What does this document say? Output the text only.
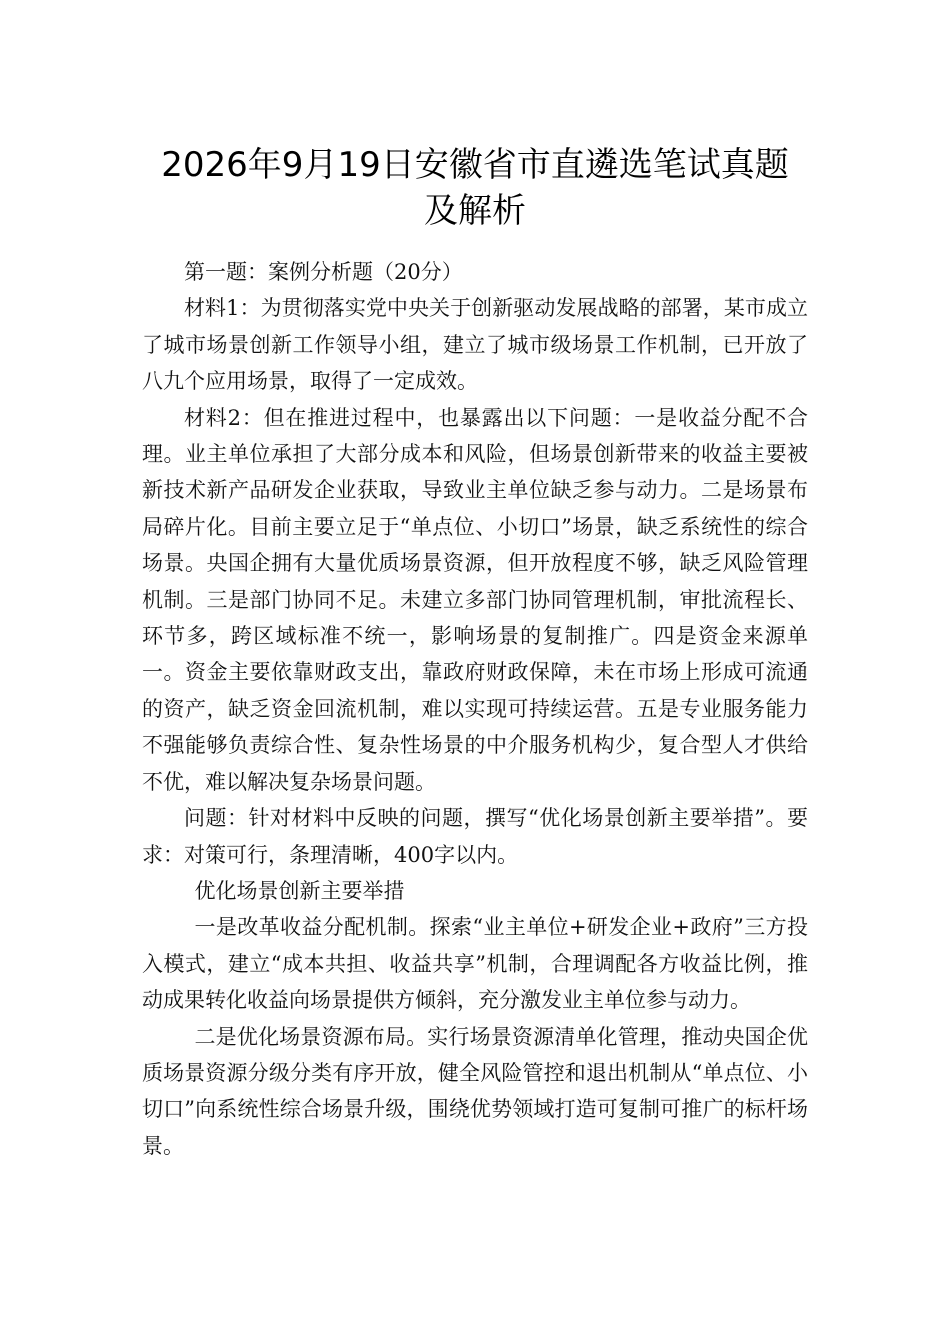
2026年9月19日安徽省市直遴选笔试真题
及解析

第一题：案例分析题（20分）

材料1：为贯彻落实党中央关于创新驱动发展战略的部署，某市成立了城市场景创新工作领导小组，建立了城市级场景工作机制，已开放了八九个应用场景，取得了一定成效。

材料2：但在推进过程中，也暴露出以下问题：一是收益分配不合理。业主单位承担了大部分成本和风险，但场景创新带来的收益主要被新技术新产品研发企业获取，导致业主单位缺乏参与动力。二是场景布局碎片化。目前主要立足于“单点位、小切口”场景，缺乏系统性的综合场景。央国企拥有大量优质场景资源，但开放程度不够，缺乏风险管理机制。三是部门协同不足。未建立多部门协同管理机制，审批流程长、环节多，跨区域标准不统一，影响场景的复制推广。四是资金来源单一。资金主要依靠财政支出，靠政府财政保障，未在市场上形成可流通的资产，缺乏资金回流机制，难以实现可持续运营。五是专业服务能力不强能够负责综合性、复杂性场景的中介服务机构少，复合型人才供给不优，难以解决复杂场景问题。

问题：针对材料中反映的问题，撰写“优化场景创新主要举措”。要求：对策可行，条理清晰，400字以内。

优化场景创新主要举措

一是改革收益分配机制。探索“业主单位+研发企业+政府”三方投入模式，建立“成本共担、收益共享”机制，合理调配各方收益比例，推动成果转化收益向场景提供方倾斜，充分激发业主单位参与动力。

二是优化场景资源布局。实行场景资源清单化管理，推动央国企优质场景资源分级分类有序开放，健全风险管控和退出机制从“单点位、小切口”向系统性综合场景升级，围绕优势领域打造可复制可推广的标杆场景。
